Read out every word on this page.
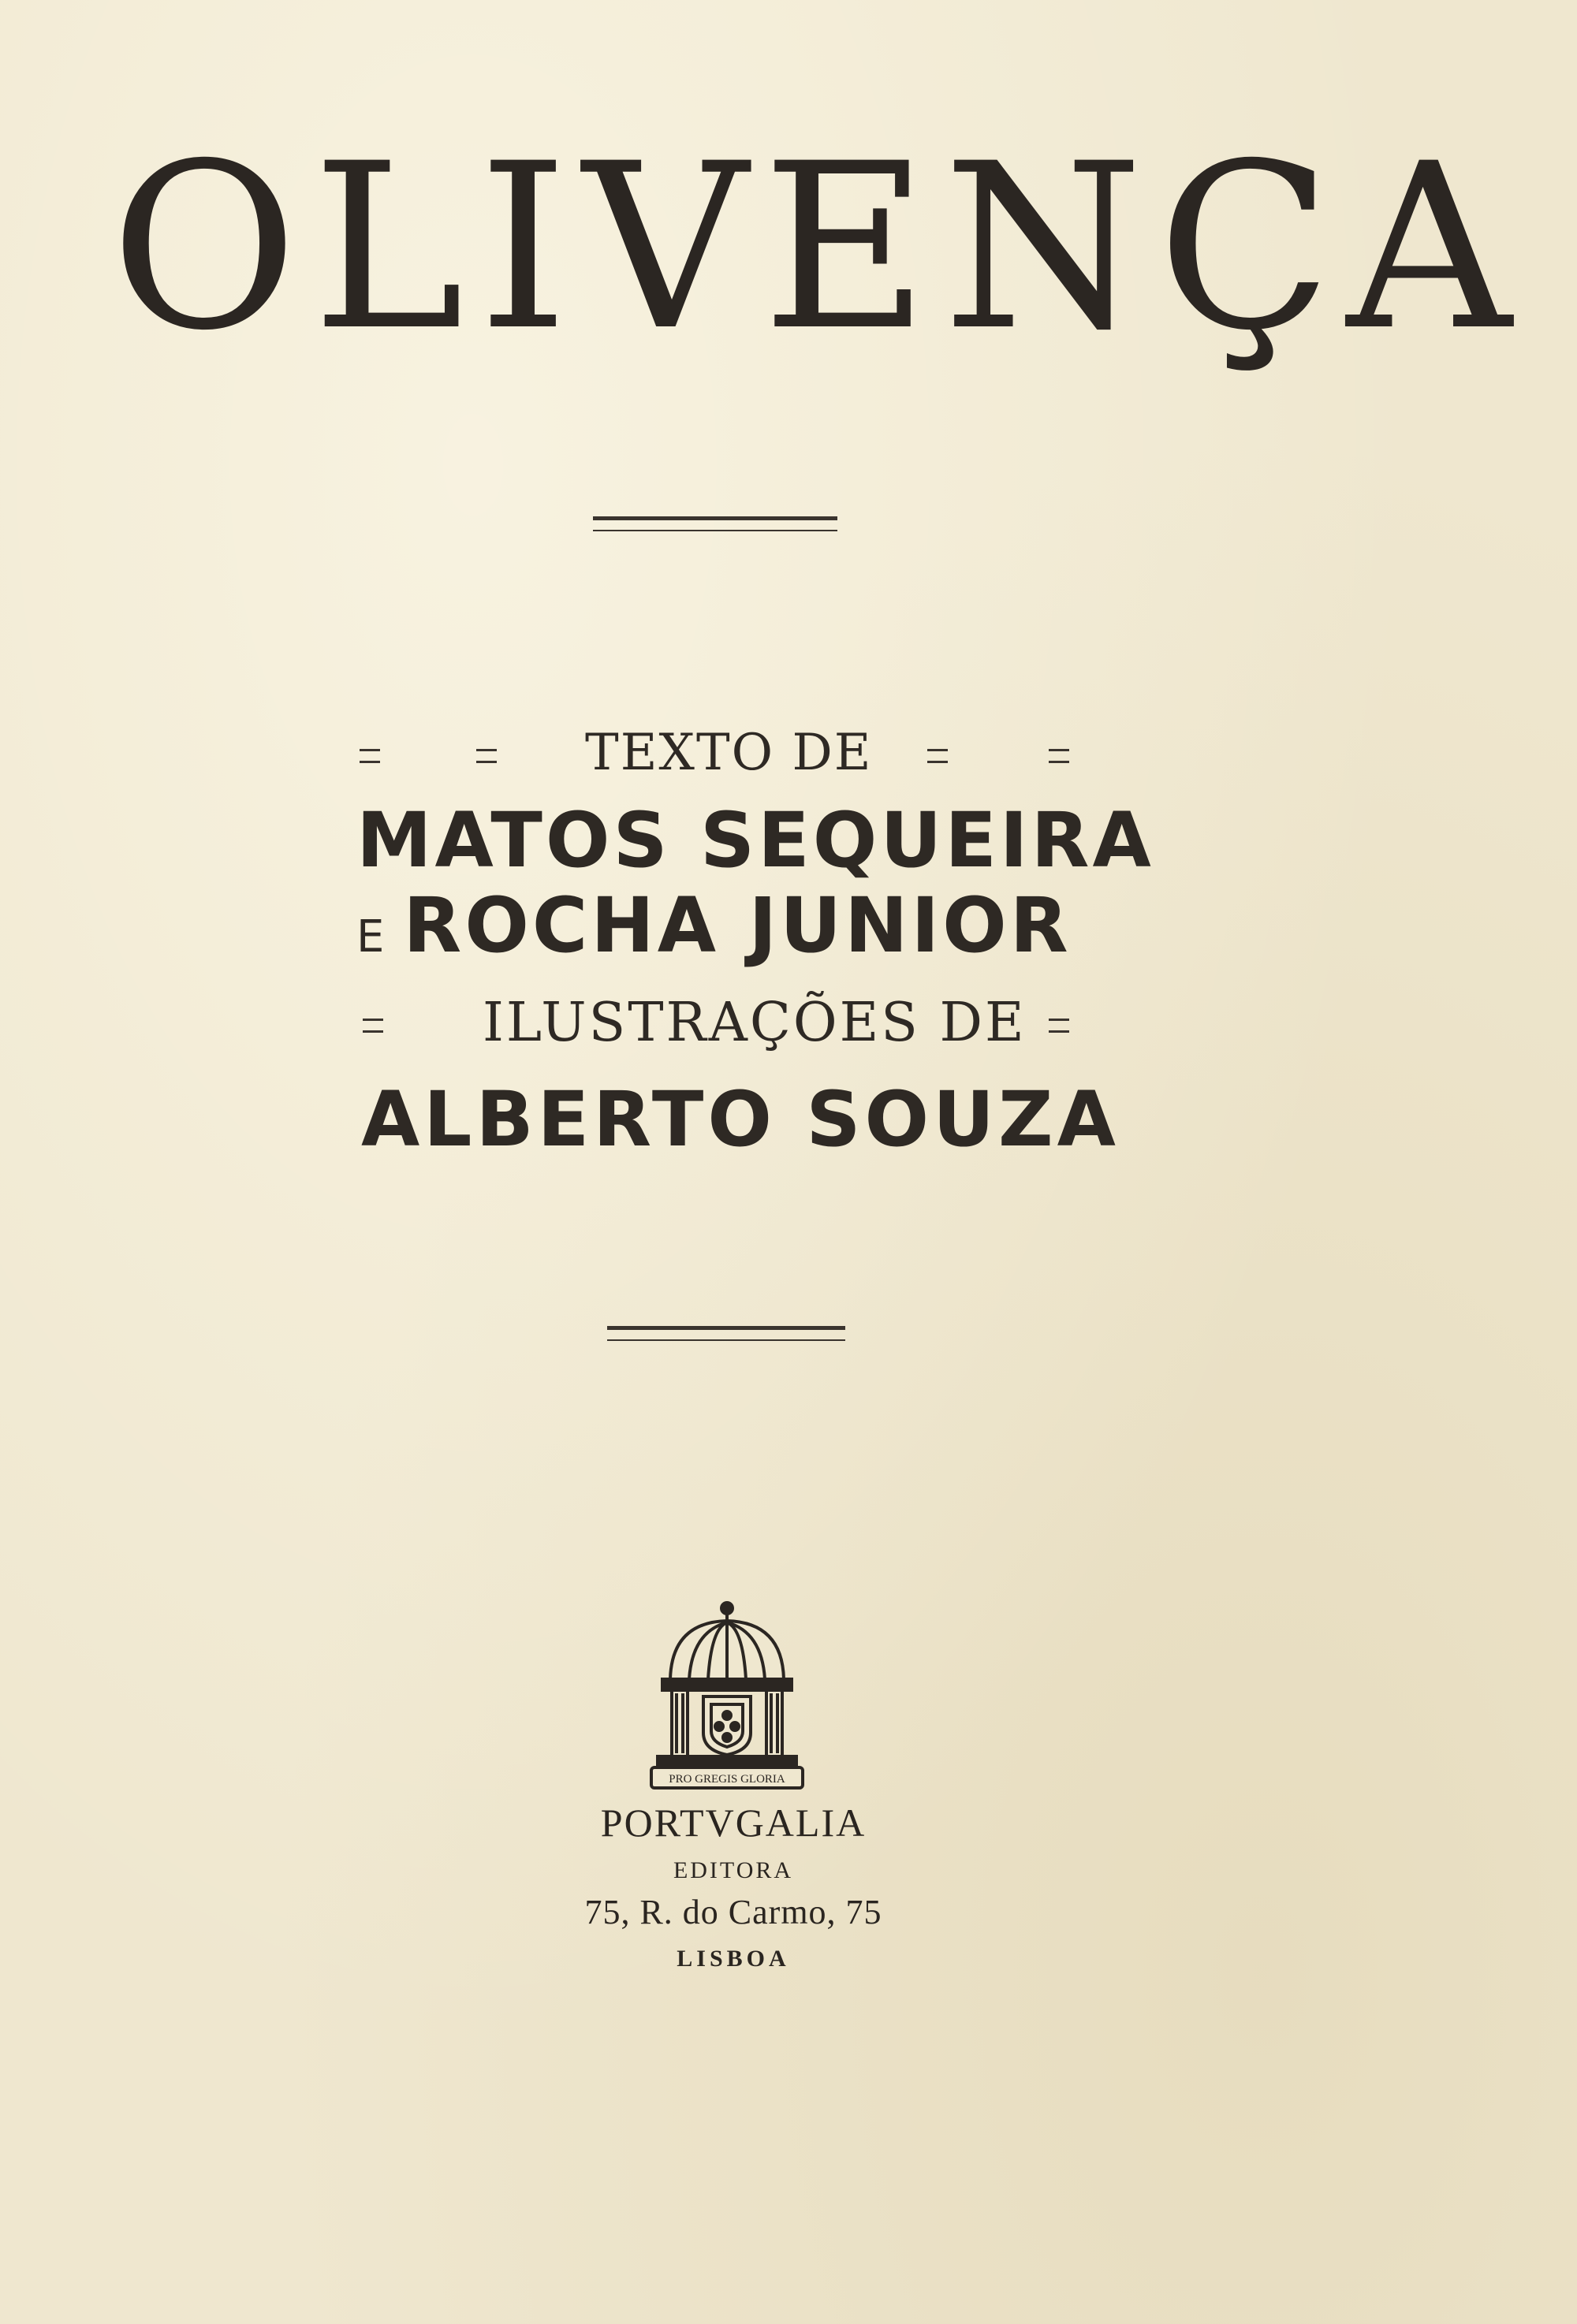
OLIVENÇA
TEXTO DE
MATOS SEQUEIRA
E ROCHA JUNIOR
ILUSTRAÇÕES DE
ALBERTO SOUZA
PRO GREGIS GLORIA
PORTVGALIA
EDITORA
75, R. do Carmo, 75
LISBOA
